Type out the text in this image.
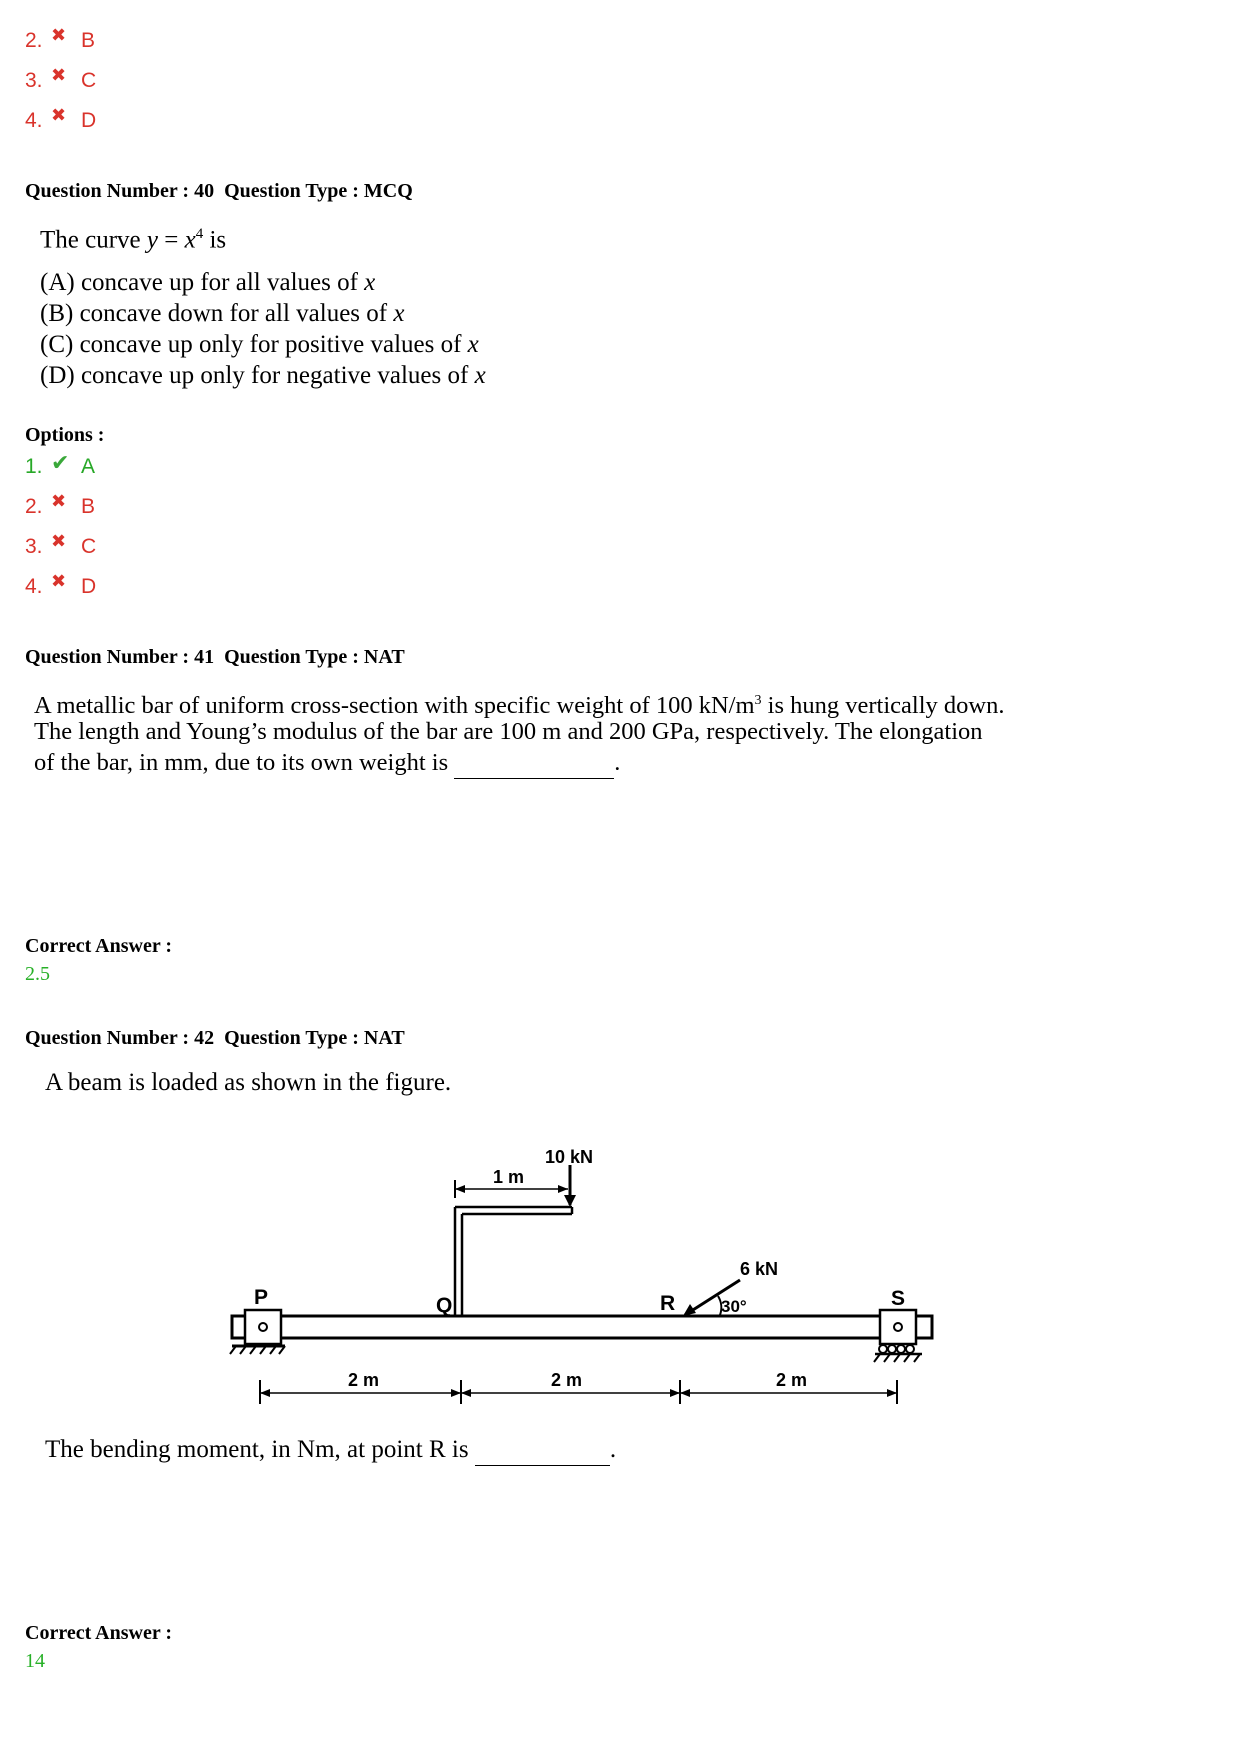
2. ✖ B
3. ✖ C
4. ✖ D
Question Number : 40  Question Type : MCQ
The curve $y = x^4$ is
(A) concave up for all values of x
(B) concave down for all values of x
(C) concave up only for positive values of x
(D) concave up only for negative values of x
Options :
1. ✔ A
2. ✖ B
3. ✖ C
4. ✖ D
Question Number : 41  Question Type : NAT
A metallic bar of uniform cross-section with specific weight of 100 $kN/m^3$ is hung vertically down.
The length and Young’s modulus of the bar are 100 m and 200 GPa, respectively. The elongation
of the bar, in mm, due to its own weight is	.
Correct Answer :
2.5
Question Number : 42  Question Type : NAT
A beam is loaded as shown in the figure.
10 kN
1 m
6 kN
30°
P	Q	R	S
2 m	2 m	2 m
The bending moment, in Nm, at point R is	.
Correct Answer :
14
